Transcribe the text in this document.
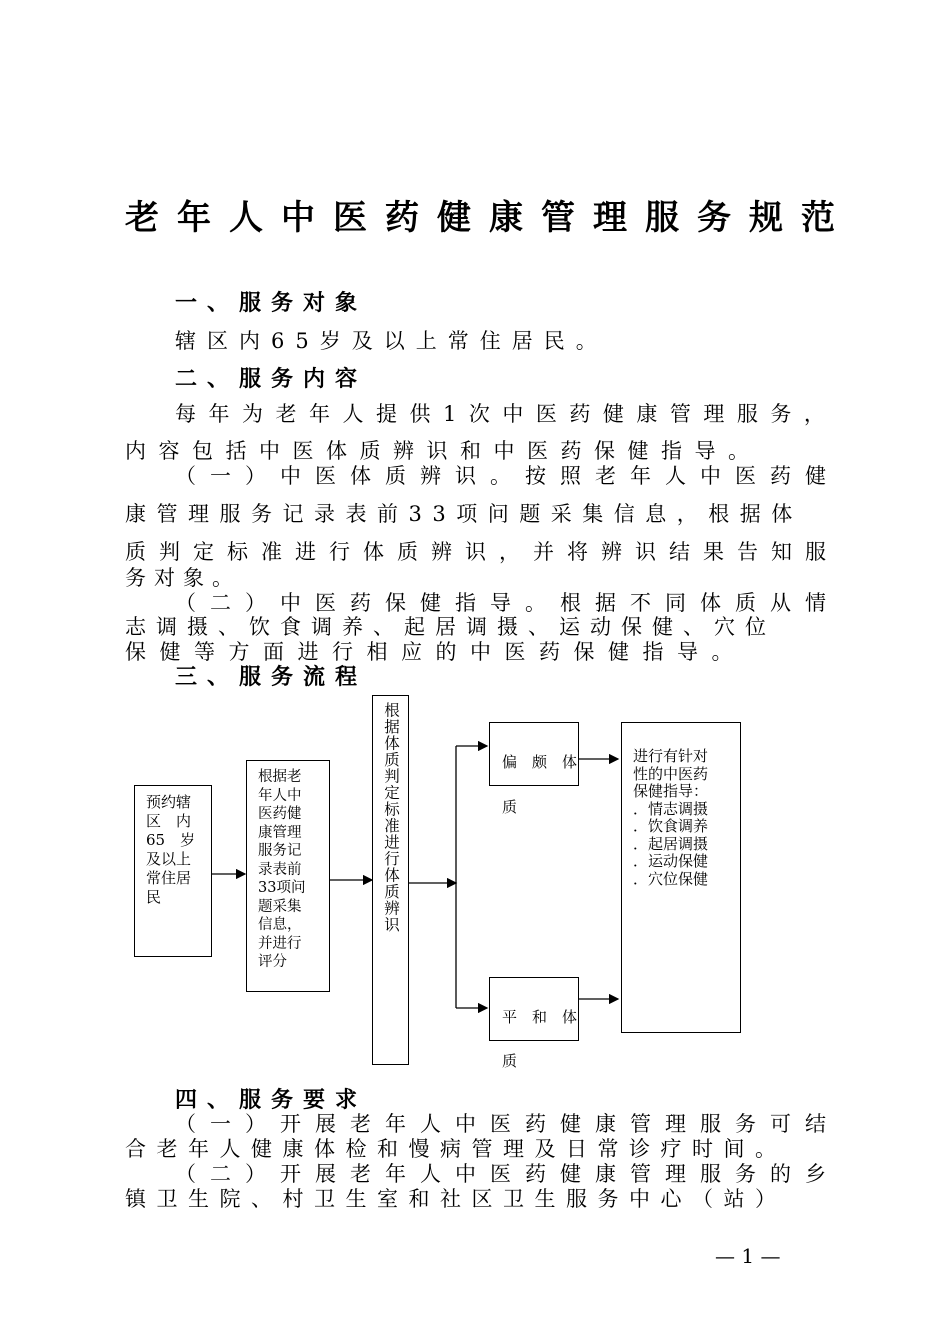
老年人中医药健康管理服务规范
一、服务对象
辖区内65岁及以上常住居民。
二、服务内容
每年为老年人提供1次中医药健康管理服务，
内容包括中医体质辨识和中医药保健指导。
（一）中医体质辨识。按照老年人中医药健
康管理服务记录表前33项问题采集信息，根据体
质判定标准进行体质辨识，并将辨识结果告知服
务对象。
（二）中医药保健指导。根据不同体质从情
志调摄、饮食调养、起居调摄、运动保健、穴位
保健等方面进行相应的中医药保健指导。
三、服务流程
预约辖
区　内
65　岁
及以上
常住居
民
根据老
年人中
医药健
康管理
服务记
录表前
33项问
题采集
信息，
并进行
评分
根据体质判定标准进行体质辨识	偏　颇　体
质
平　和　体
质
进行有针对
性的中医药
保健指导：
．情志调摄
．饮食调养
．起居调摄
．运动保健
．穴位保健
四、服务要求
（一）开展老年人中医药健康管理服务可结
合老年人健康体检和慢病管理及日常诊疗时间。
（二）开展老年人中医药健康管理服务的乡
镇卫生院、村卫生室和社区卫生服务中心（站）
— 1 —
